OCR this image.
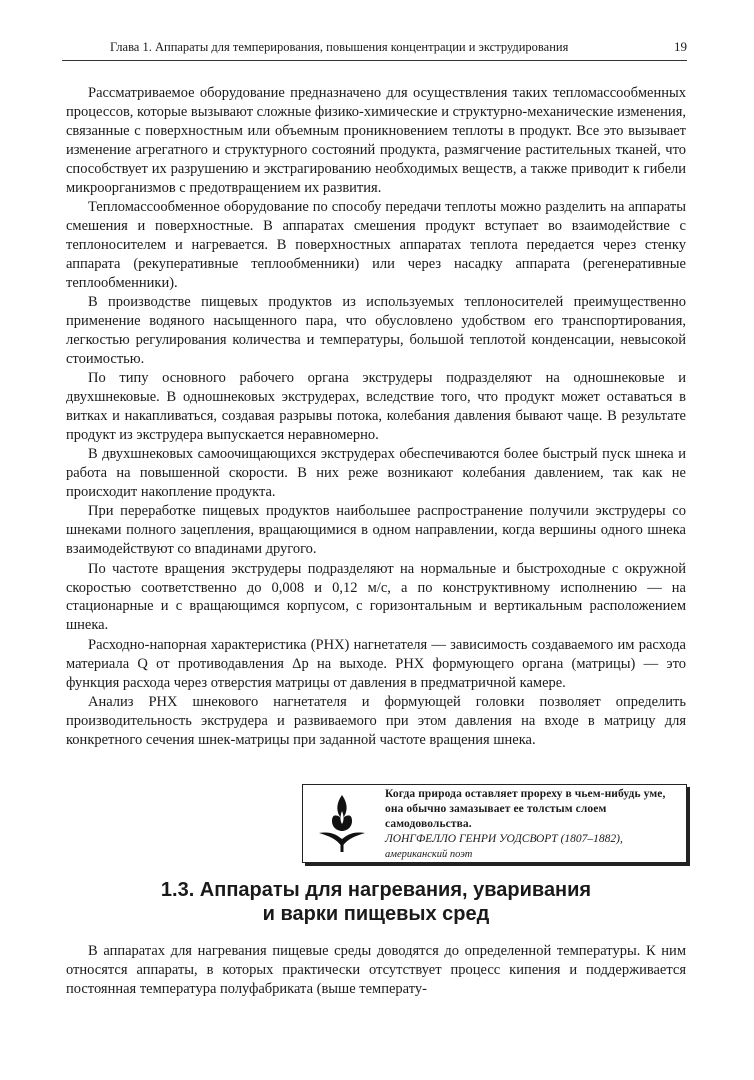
Глава 1. Аппараты для темперирования, повышения концентрации и экструдирования	19

Рассматриваемое оборудование предназначено для осуществления таких тепломассообменных процессов, которые вызывают сложные физико-химические и структурно-механические изменения, связанные с поверхностным или объемным проникновением теплоты в продукт. Все это вызывает изменение агрегатного и структурного состояний продукта, размягчение растительных тканей, что способствует их разрушению и экстрагированию необходимых веществ, а также приводит к гибели микроорганизмов с предотвращением их развития.

Тепломассообменное оборудование по способу передачи теплоты можно разделить на аппараты смешения и поверхностные. В аппаратах смешения продукт вступает во взаимодействие с теплоносителем и нагревается. В поверхностных аппаратах теплота передается через стенку аппарата (рекуперативные теплообменники) или через насадку аппарата (регенеративные теплообменники).

В производстве пищевых продуктов из используемых теплоносителей преимущественно применение водяного насыщенного пара, что обусловлено удобством его транспортирования, легкостью регулирования количества и температуры, большой теплотой конденсации, невысокой стоимостью.

По типу основного рабочего органа экструдеры подразделяют на одношнековые и двухшнековые. В одношнековых экструдерах, вследствие того, что продукт может оставаться в витках и накапливаться, создавая разрывы потока, колебания давления бывают чаще. В результате продукт из экструдера выпускается неравномерно.

В двухшнековых самоочищающихся экструдерах обеспечиваются более быстрый пуск шнека и работа на повышенной скорости. В них реже возникают колебания давлением, так как не происходит накопление продукта.

При переработке пищевых продуктов наибольшее распространение получили экструдеры со шнеками полного зацепления, вращающимися в одном направлении, когда вершины одного шнека взаимодействуют со впадинами другого.

По частоте вращения экструдеры подразделяют на нормальные и быстроходные с окружной скоростью соответственно до 0,008 и 0,12 м/с, а по конструктивному исполнению — на стационарные и с вращающимся корпусом, с горизонтальным и вертикальным расположением шнека.

Расходно-напорная характеристика (РНХ) нагнетателя — зависимость создаваемого им расхода материала Q от противодавления Δp на выходе. РНХ формующего органа (матрицы) — это функция расхода через отверстия матрицы от давления в предматричной камере.

Анализ РНХ шнекового нагнетателя и формующей головки позволяет определить производительность экструдера и развиваемого при этом давления на входе в матрицу для конкретного сечения шнек-матрицы при заданной частоте вращения шнека.

Когда природа оставляет прореху в чьем-нибудь уме, она обычно замазывает ее толстым слоем самодовольства.
ЛОНГФЕЛЛО ГЕНРИ УОДСВОРТ (1807–1882),
американский поэт
1.3. Аппараты для нагревания, уваривания
и варки пищевых сред

В аппаратах для нагревания пищевые среды доводятся до определенной температуры. К ним относятся аппараты, в которых практически отсутствует процесс кипения и поддерживается постоянная температура полуфабриката (выше температу-
